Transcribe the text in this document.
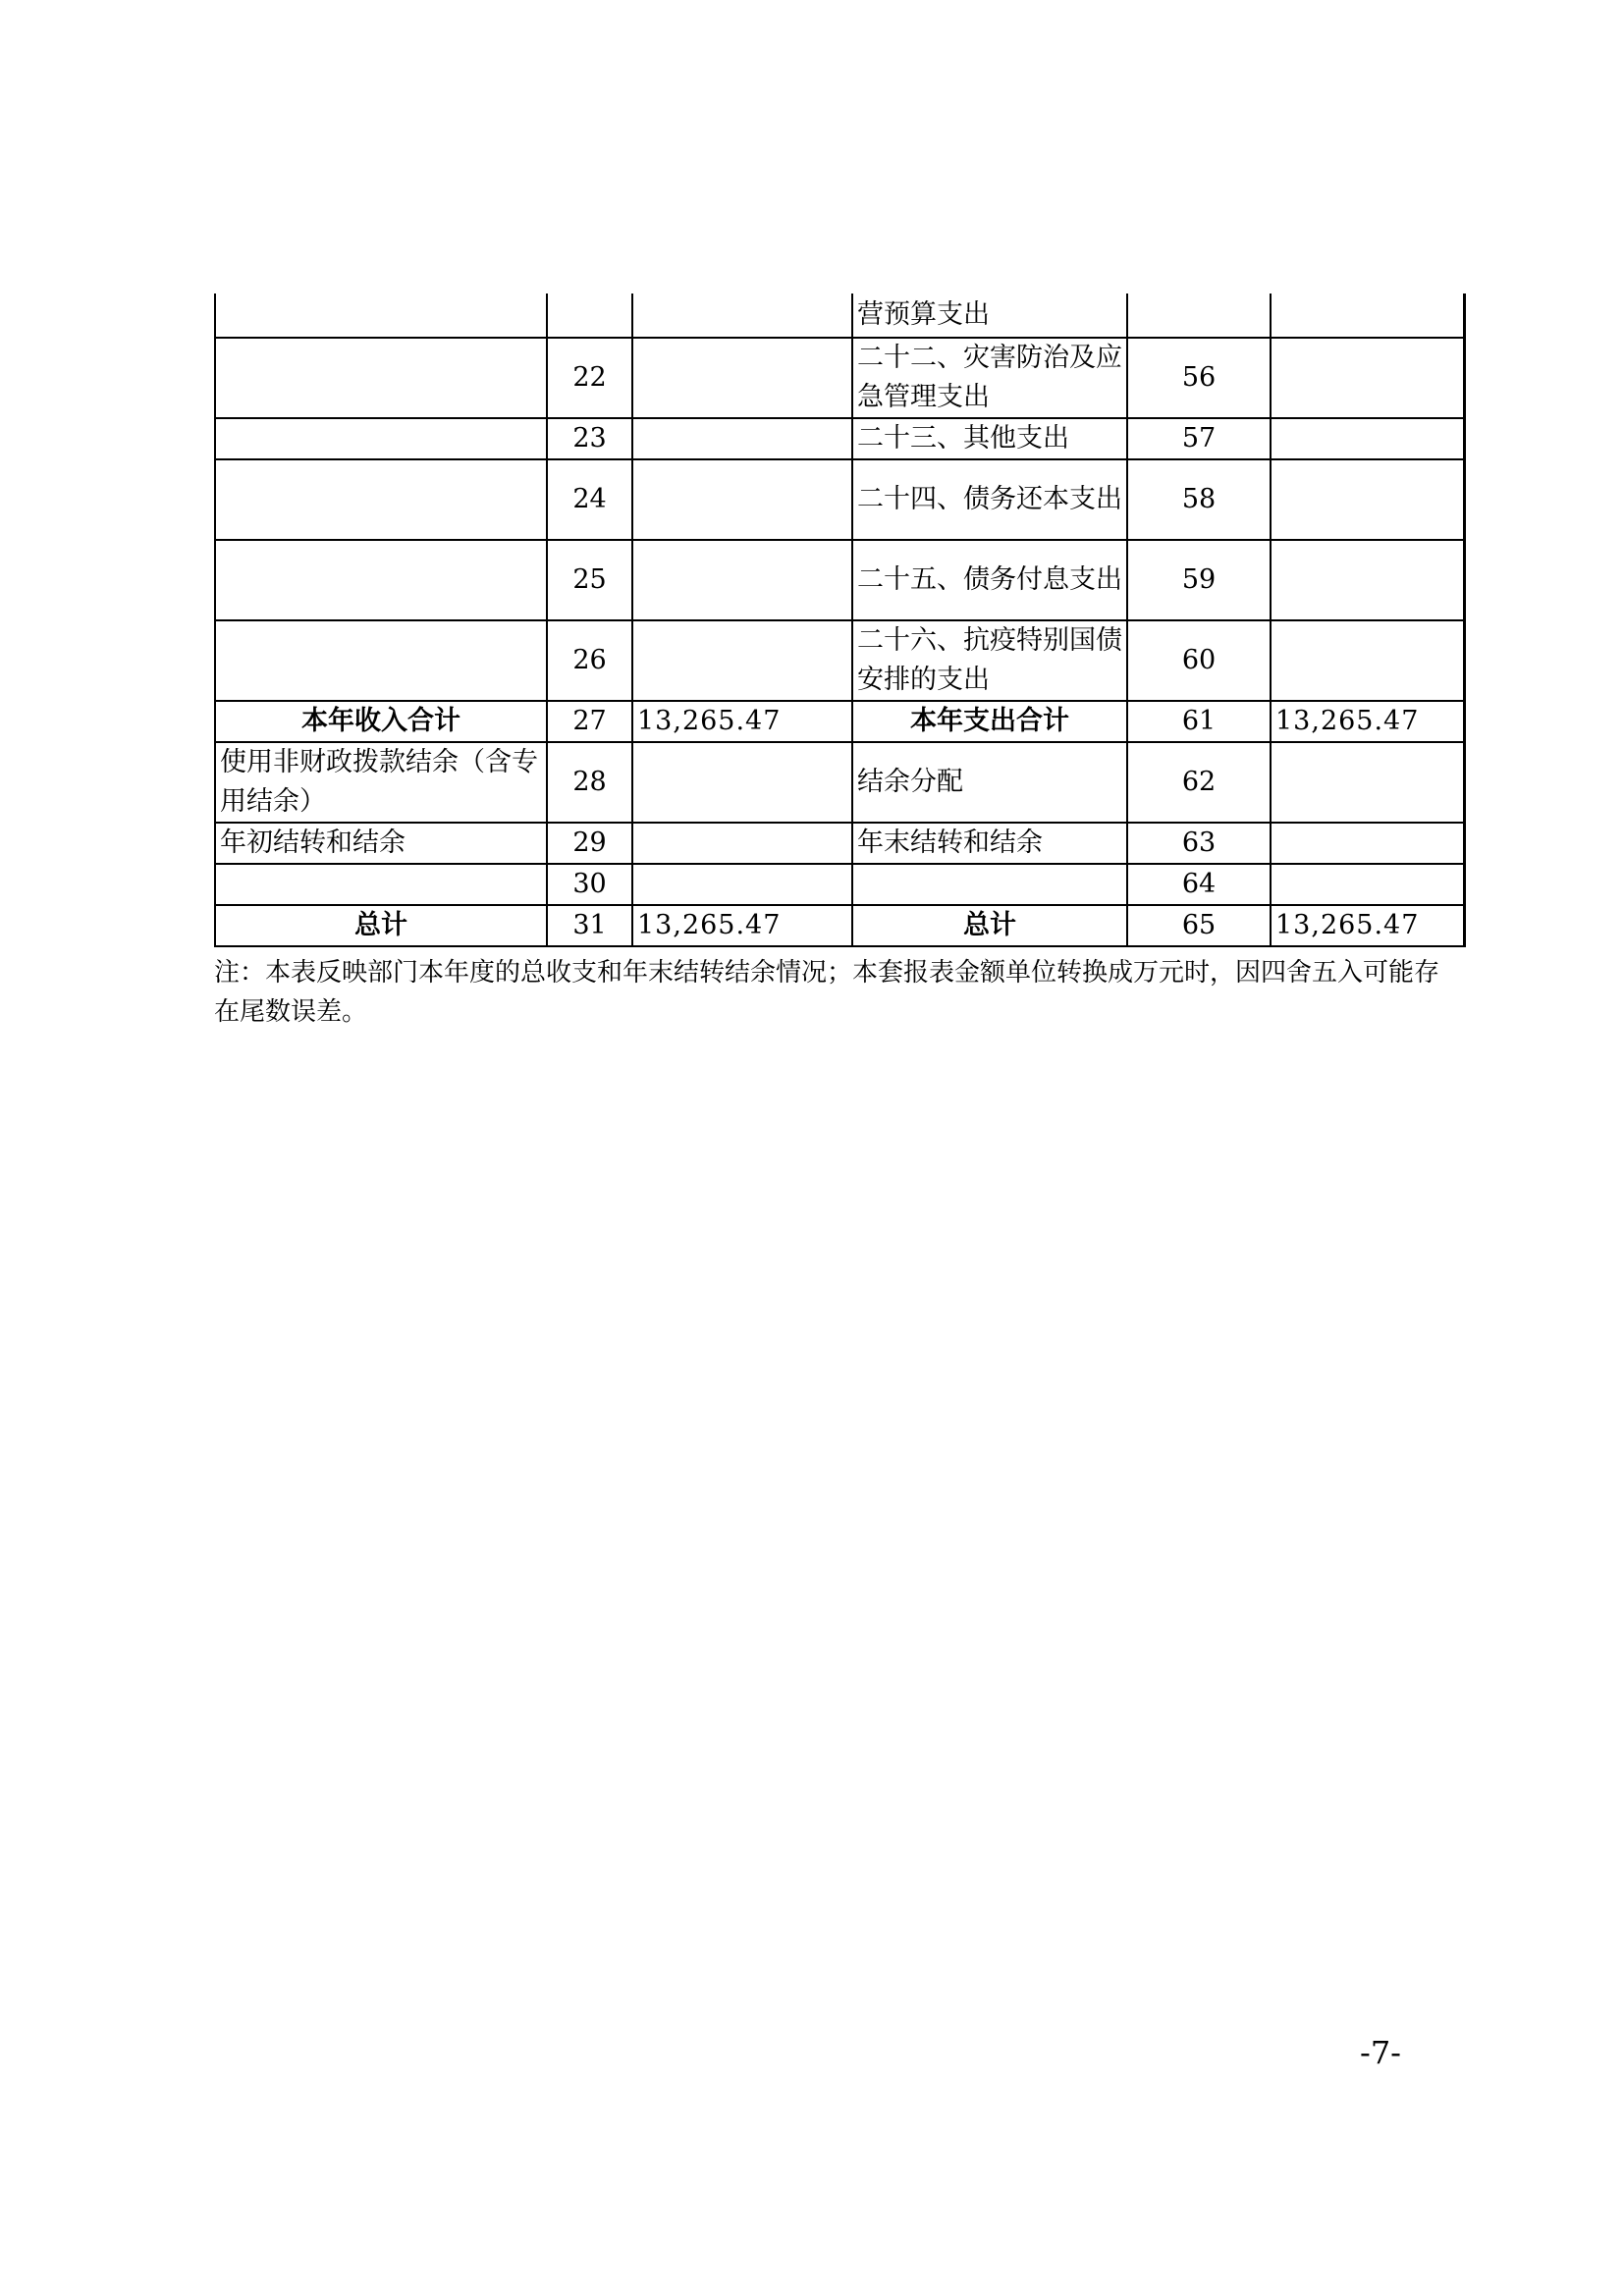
			营预算支出		
	22		二十二、灾害防治及应急管理支出	56	
	23		二十三、其他支出	57	
	24		二十四、债务还本支出	58	
	25		二十五、债务付息支出	59	
	26		二十六、抗疫特别国债安排的支出	60	
本年收入合计	27	13,265.47	本年支出合计	61	13,265.47
使用非财政拨款结余（含专用结余）	28		结余分配	62	
年初结转和结余	29		年末结转和结余	63	
	30			64	
总计	31	13,265.47	总计	65	13,265.47
注：本表反映部门本年度的总收支和年末结转结余情况；本套报表金额单位转换成万元时，因四舍五入可能存在尾数误差。
-7-
